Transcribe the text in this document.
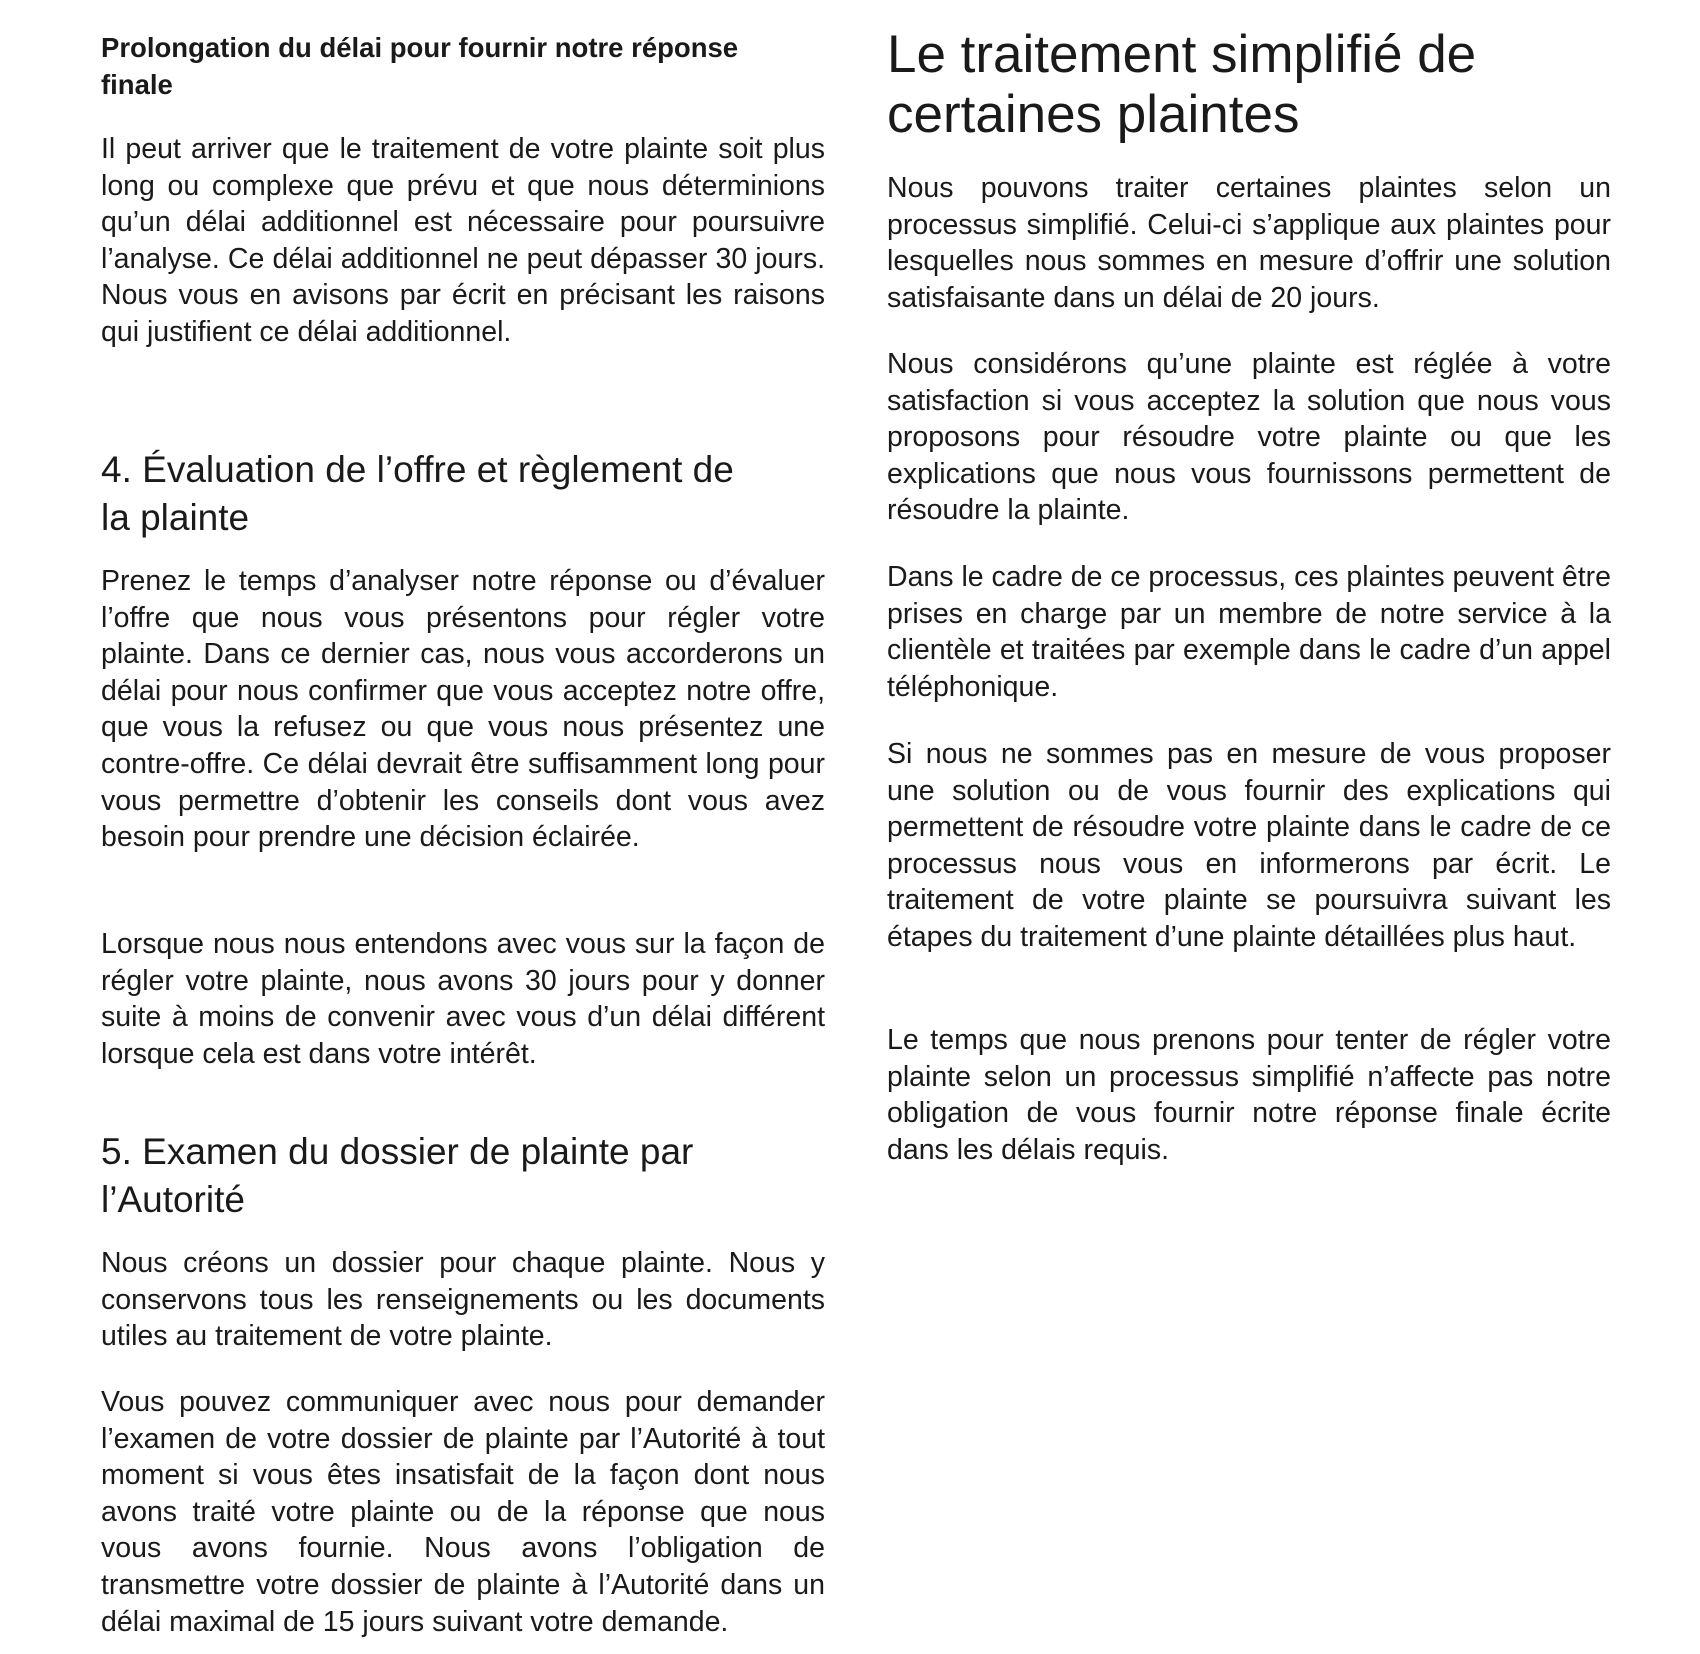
Prolongation du délai pour fournir notre réponse finale

Il peut arriver que le traitement de votre plainte soit plus long ou complexe que prévu et que nous déterminions qu’un délai additionnel est nécessaire pour poursuivre l’analyse. Ce délai additionnel ne peut dépasser 30 jours. Nous vous en avisons par écrit en précisant les raisons qui justifient ce délai additionnel.

4. Évaluation de l’offre et règlement de la plainte

Prenez le temps d’analyser notre réponse ou d’évaluer l’offre que nous vous présentons pour régler votre plainte. Dans ce dernier cas, nous vous accorderons un délai pour nous confirmer que vous acceptez notre offre, que vous la refusez ou que vous nous présentez une contre-offre. Ce délai devrait être suffisamment long pour vous permettre d’obtenir les conseils dont vous avez besoin pour prendre une décision éclairée.

Lorsque nous nous entendons avec vous sur la façon de régler votre plainte, nous avons 30 jours pour y donner suite à moins de convenir avec vous d’un délai différent lorsque cela est dans votre intérêt.

5. Examen du dossier de plainte par l’Autorité

Nous créons un dossier pour chaque plainte. Nous y conservons tous les renseignements ou les documents utiles au traitement de votre plainte.

Vous pouvez communiquer avec nous pour demander l’examen de votre dossier de plainte par l’Autorité à tout moment si vous êtes insatisfait de la façon dont nous avons traité votre plainte ou de la réponse que nous vous avons fournie. Nous avons l’obligation de transmettre votre dossier de plainte à l’Autorité dans un délai maximal de 15 jours suivant votre demande.

Le traitement simplifié de certaines plaintes

Nous pouvons traiter certaines plaintes selon un processus simplifié. Celui-ci s’applique aux plaintes pour lesquelles nous sommes en mesure d’offrir une solution satisfaisante dans un délai de 20 jours.

Nous considérons qu’une plainte est réglée à votre satisfaction si vous acceptez la solution que nous vous proposons pour résoudre votre plainte ou que les explications que nous vous fournissons permettent de résoudre la plainte.

Dans le cadre de ce processus, ces plaintes peuvent être prises en charge par un membre de notre service à la clientèle et traitées par exemple dans le cadre d’un appel téléphonique.

Si nous ne sommes pas en mesure de vous proposer une solution ou de vous fournir des explications qui permettent de résoudre votre plainte dans le cadre de ce processus nous vous en informerons par écrit. Le traitement de votre plainte se poursuivra suivant les étapes du traitement d’une plainte détaillées plus haut.

Le temps que nous prenons pour tenter de régler votre plainte selon un processus simplifié n’affecte pas notre obligation de vous fournir notre réponse finale écrite dans les délais requis.
